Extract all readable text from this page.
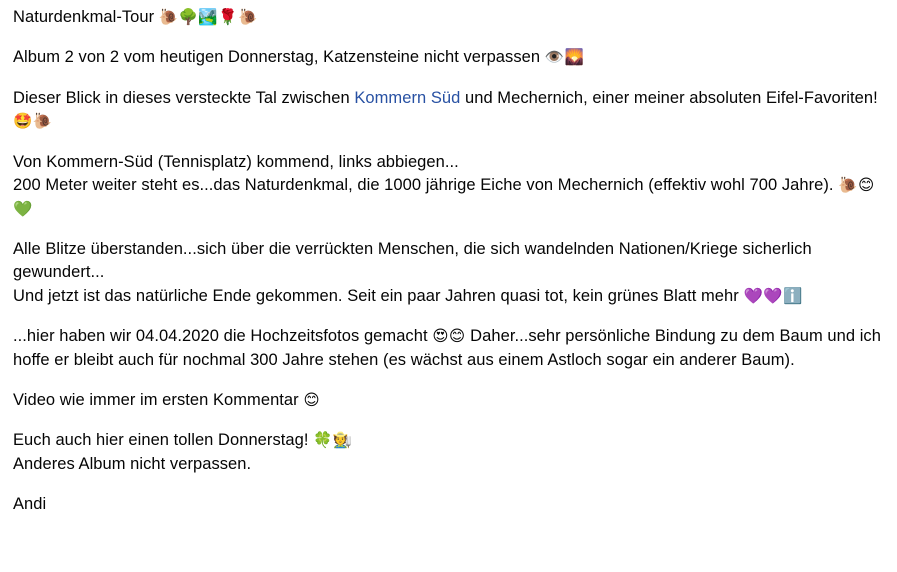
Naturdenkmal-Tour 🐌🌳🏞️🌹🐌

Album 2 von 2 vom heutigen Donnerstag, Katzensteine nicht verpassen 👁️🌄

Dieser Blick in dieses versteckte Tal zwischen Kommern Süd und Mechernich, einer meiner absoluten Eifel-Favoriten! 🤩🐌

Von Kommern-Süd (Tennisplatz) kommend, links abbiegen...
200 Meter weiter steht es...das Naturdenkmal, die 1000 jährige Eiche von Mechernich (effektiv wohl 700 Jahre). 🐌😊💚

Alle Blitze überstanden...sich über die verrückten Menschen, die sich wandelnden Nationen/Kriege sicherlich gewundert...
Und jetzt ist das natürliche Ende gekommen. Seit ein paar Jahren quasi tot, kein grünes Blatt mehr 💜💜ℹ️

...hier haben wir 04.04.2020 die Hochzeitsfotos gemacht 😍😊 Daher...sehr persönliche Bindung zu dem Baum und ich hoffe er bleibt auch für nochmal 300 Jahre stehen (es wächst aus einem Astloch sogar ein anderer Baum).

Video wie immer im ersten Kommentar 😊

Euch auch hier einen tollen Donnerstag! 🍀🧑‍🌾
Anderes Album nicht verpassen.

Andi
